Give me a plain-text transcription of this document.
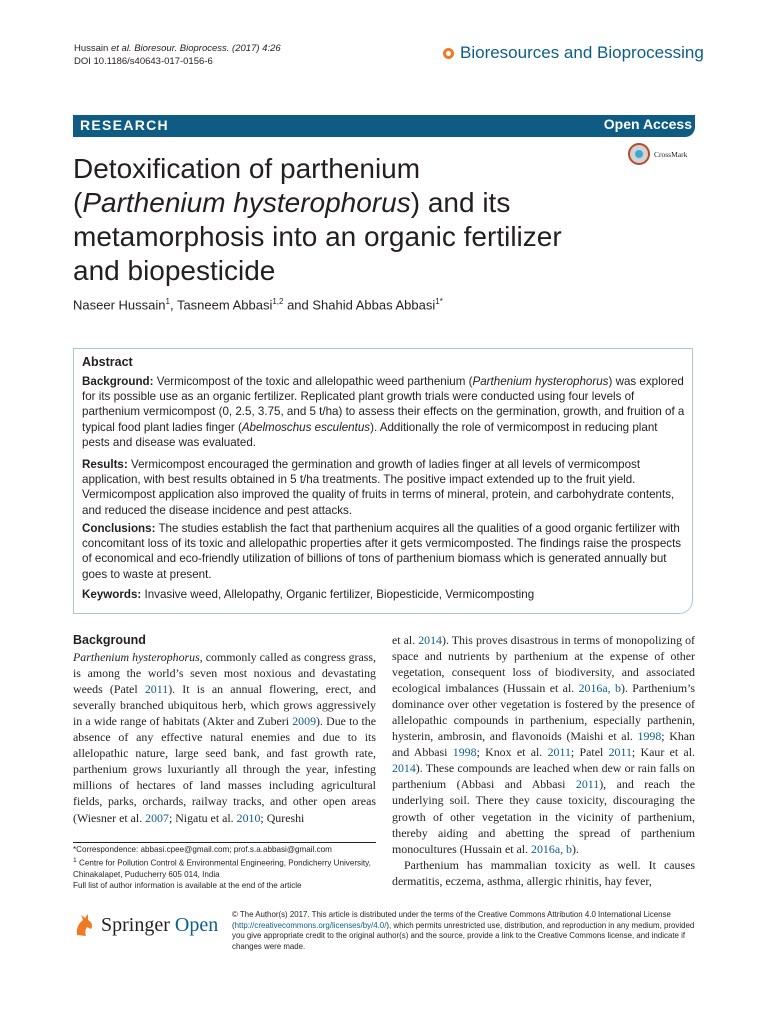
Hussain et al. Bioresour. Bioprocess. (2017) 4:26
DOI 10.1186/s40643-017-0156-6	Bioresources and Bioprocessing
RESEARCH	Open Access
CrossMark
Detoxification of parthenium
(Parthenium hysterophorus) and its
metamorphosis into an organic fertilizer
and biopesticide
Naseer Hussain$^1$, Tasneem Abbasi$^{1,2}$ and Shahid Abbas Abbasi$^{1*}$
Abstract
Background: Vermicompost of the toxic and allelopathic weed parthenium (Parthenium hysterophorus) was explored for its possible use as an organic fertilizer. Replicated plant growth trials were conducted using four levels of parthenium vermicompost (0, 2.5, 3.75, and 5 t/ha) to assess their effects on the germination, growth, and fruition of a typical food plant ladies finger (Abelmoschus esculentus). Additionally the role of vermicompost in reducing plant pests and disease was evaluated.
Results: Vermicompost encouraged the germination and growth of ladies finger at all levels of vermicompost application, with best results obtained in 5 t/ha treatments. The positive impact extended up to the fruit yield. Vermicompost application also improved the quality of fruits in terms of mineral, protein, and carbohydrate contents, and reduced the disease incidence and pest attacks.
Conclusions: The studies establish the fact that parthenium acquires all the qualities of a good organic fertilizer with concomitant loss of its toxic and allelopathic properties after it gets vermicomposted. The findings raise the prospects of economical and eco-friendly utilization of billions of tons of parthenium biomass which is generated annually but goes to waste at present.
Keywords: Invasive weed, Allelopathy, Organic fertilizer, Biopesticide, Vermicomposting
Background
Parthenium hysterophorus, commonly called as congress grass, is among the world’s seven most noxious and devastating weeds (Patel 2011). It is an annual flowering, erect, and severally branched ubiquitous herb, which grows aggressively in a wide range of habitats (Akter and Zuberi 2009). Due to the absence of any effective natural enemies and due to its allelopathic nature, large seed bank, and fast growth rate, parthenium grows luxuriantly all through the year, infesting millions of hectares of land masses including agricultural fields, parks, orchards, railway tracks, and other open areas (Wiesner et al. 2007; Nigatu et al. 2010; Qureshi
et al. 2014). This proves disastrous in terms of monopolizing of space and nutrients by parthenium at the expense of other vegetation, consequent loss of biodiversity, and associated ecological imbalances (Hussain et al. 2016a, b). Parthenium’s dominance over other vegetation is fostered by the presence of allelopathic compounds in parthenium, especially parthenin, hysterin, ambrosin, and flavonoids (Maishi et al. 1998; Khan and Abbasi 1998; Knox et al. 2011; Patel 2011; Kaur et al. 2014). These compounds are leached when dew or rain falls on parthenium (Abbasi and Abbasi 2011), and reach the underlying soil. There they cause toxicity, discouraging the growth of other vegetation in the vicinity of parthenium, thereby aiding and abetting the spread of parthenium monocultures (Hussain et al. 2016a, b).
Parthenium has mammalian toxicity as well. It causes dermatitis, eczema, asthma, allergic rhinitis, hay fever,
*Correspondence: abbasi.cpee@gmail.com; prof.s.a.abbasi@gmail.com
$^1$ Centre for Pollution Control & Environmental Engineering, Pondicherry University, Chinakalapet, Puducherry 605 014, India
Full list of author information is available at the end of the article
Springer Open © The Author(s) 2017. This article is distributed under the terms of the Creative Commons Attribution 4.0 International License (http://creativecommons.org/licenses/by/4.0/), which permits unrestricted use, distribution, and reproduction in any medium, provided you give appropriate credit to the original author(s) and the source, provide a link to the Creative Commons license, and indicate if changes were made.
